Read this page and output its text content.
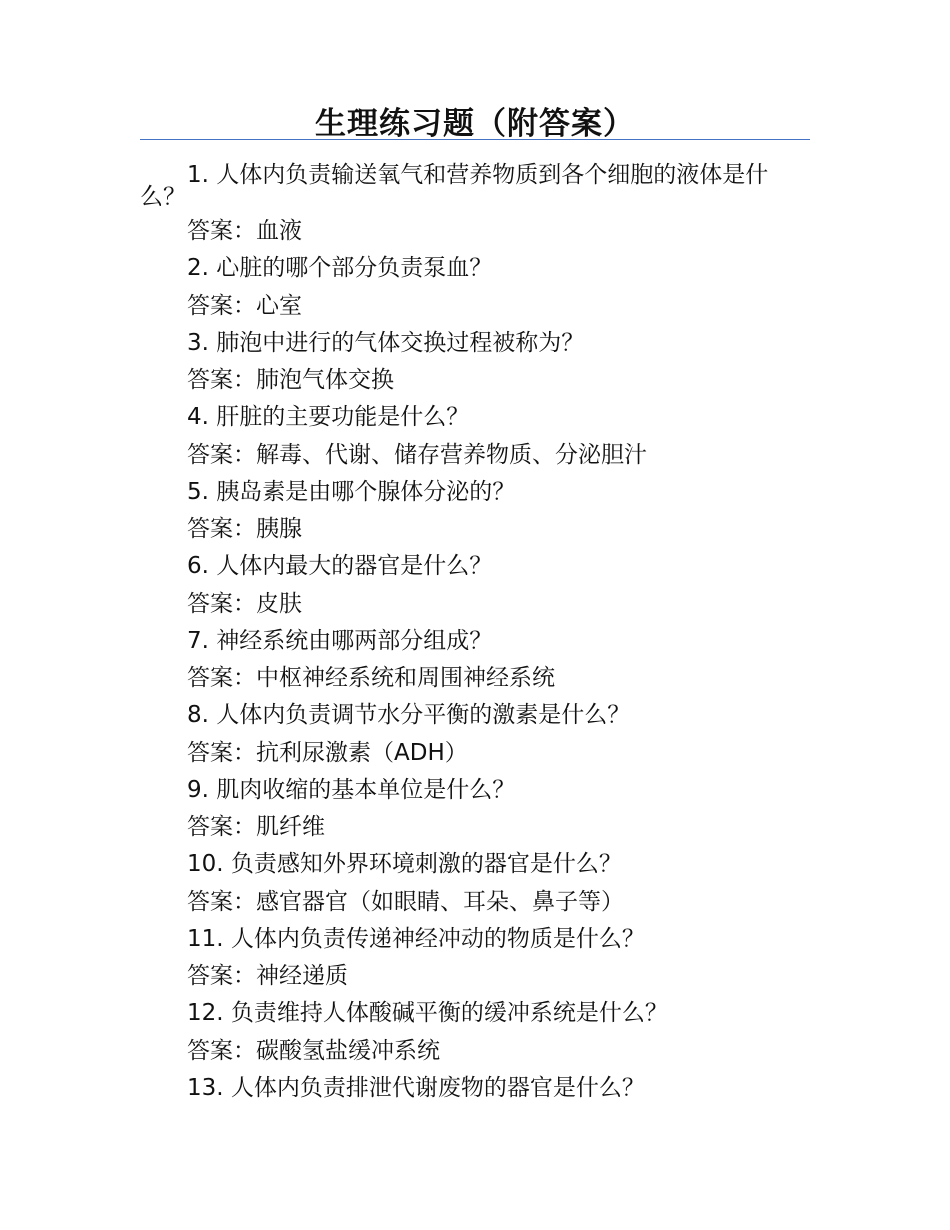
生理练习题（附答案）
1. 人体内负责输送氧气和营养物质到各个细胞的液体是什
么？
答案：血液
2. 心脏的哪个部分负责泵血？
答案：心室
3. 肺泡中进行的气体交换过程被称为？
答案：肺泡气体交换
4. 肝脏的主要功能是什么？
答案：解毒、代谢、储存营养物质、分泌胆汁
5. 胰岛素是由哪个腺体分泌的？
答案：胰腺
6. 人体内最大的器官是什么？
答案：皮肤
7. 神经系统由哪两部分组成？
答案：中枢神经系统和周围神经系统
8. 人体内负责调节水分平衡的激素是什么？
答案：抗利尿激素（ADH）
9. 肌肉收缩的基本单位是什么？
答案：肌纤维
10. 负责感知外界环境刺激的器官是什么？
答案：感官器官（如眼睛、耳朵、鼻子等）
11. 人体内负责传递神经冲动的物质是什么？
答案：神经递质
12. 负责维持人体酸碱平衡的缓冲系统是什么？
答案：碳酸氢盐缓冲系统
13. 人体内负责排泄代谢废物的器官是什么？
